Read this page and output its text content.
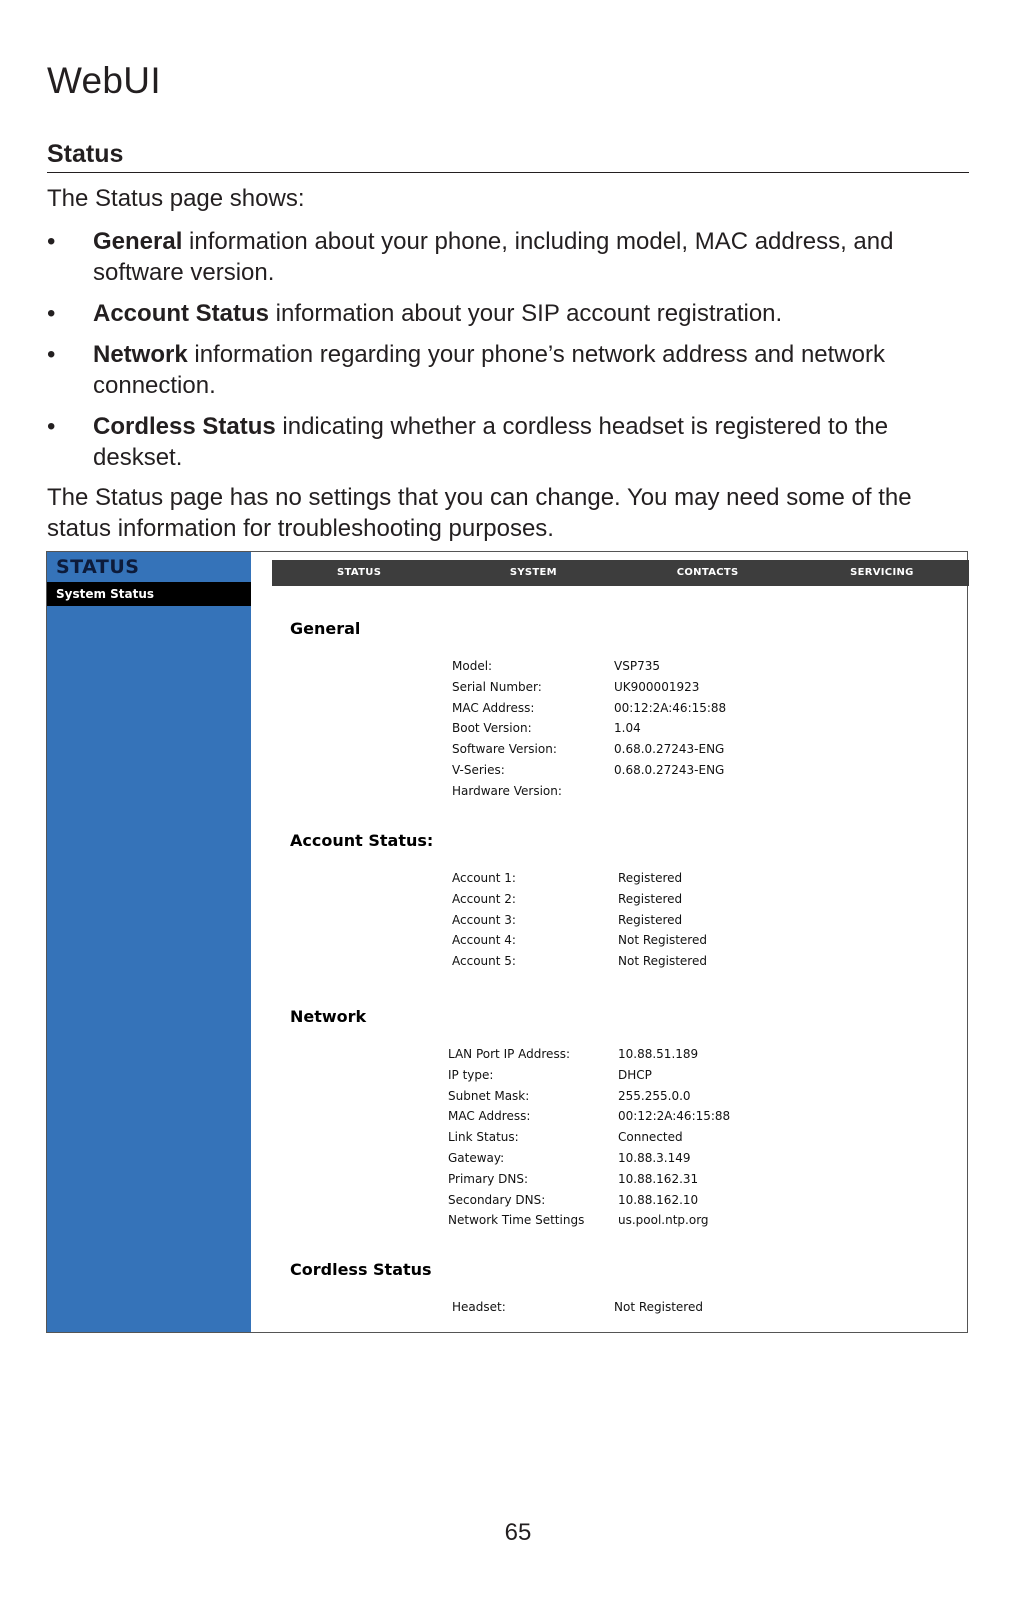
WebUI
Status
The Status page shows:
• General information about your phone, including model, MAC address, and software version.
• Account Status information about your SIP account registration.
• Network information regarding your phone’s network address and network connection.
• Cordless Status indicating whether a cordless headset is registered to the deskset.
The Status page has no settings that you can change. You may need some of the status information for troubleshooting purposes.
STATUS
System Status
STATUS	SYSTEM	CONTACTS	SERVICING
General
Model:	VSP735
Serial Number:	UK900001923
MAC Address:	00:12:2A:46:15:88
Boot Version:	1.04
Software Version:	0.68.0.27243-ENG
V-Series:	0.68.0.27243-ENG
Hardware Version:
Account Status:
Account 1:	Registered
Account 2:	Registered
Account 3:	Registered
Account 4:	Not Registered
Account 5:	Not Registered
Network
LAN Port IP Address:	10.88.51.189
IP type:	DHCP
Subnet Mask:	255.255.0.0
MAC Address:	00:12:2A:46:15:88
Link Status:	Connected
Gateway:	10.88.3.149
Primary DNS:	10.88.162.31
Secondary DNS:	10.88.162.10
Network Time Settings	us.pool.ntp.org
Cordless Status
Headset:	Not Registered
65
